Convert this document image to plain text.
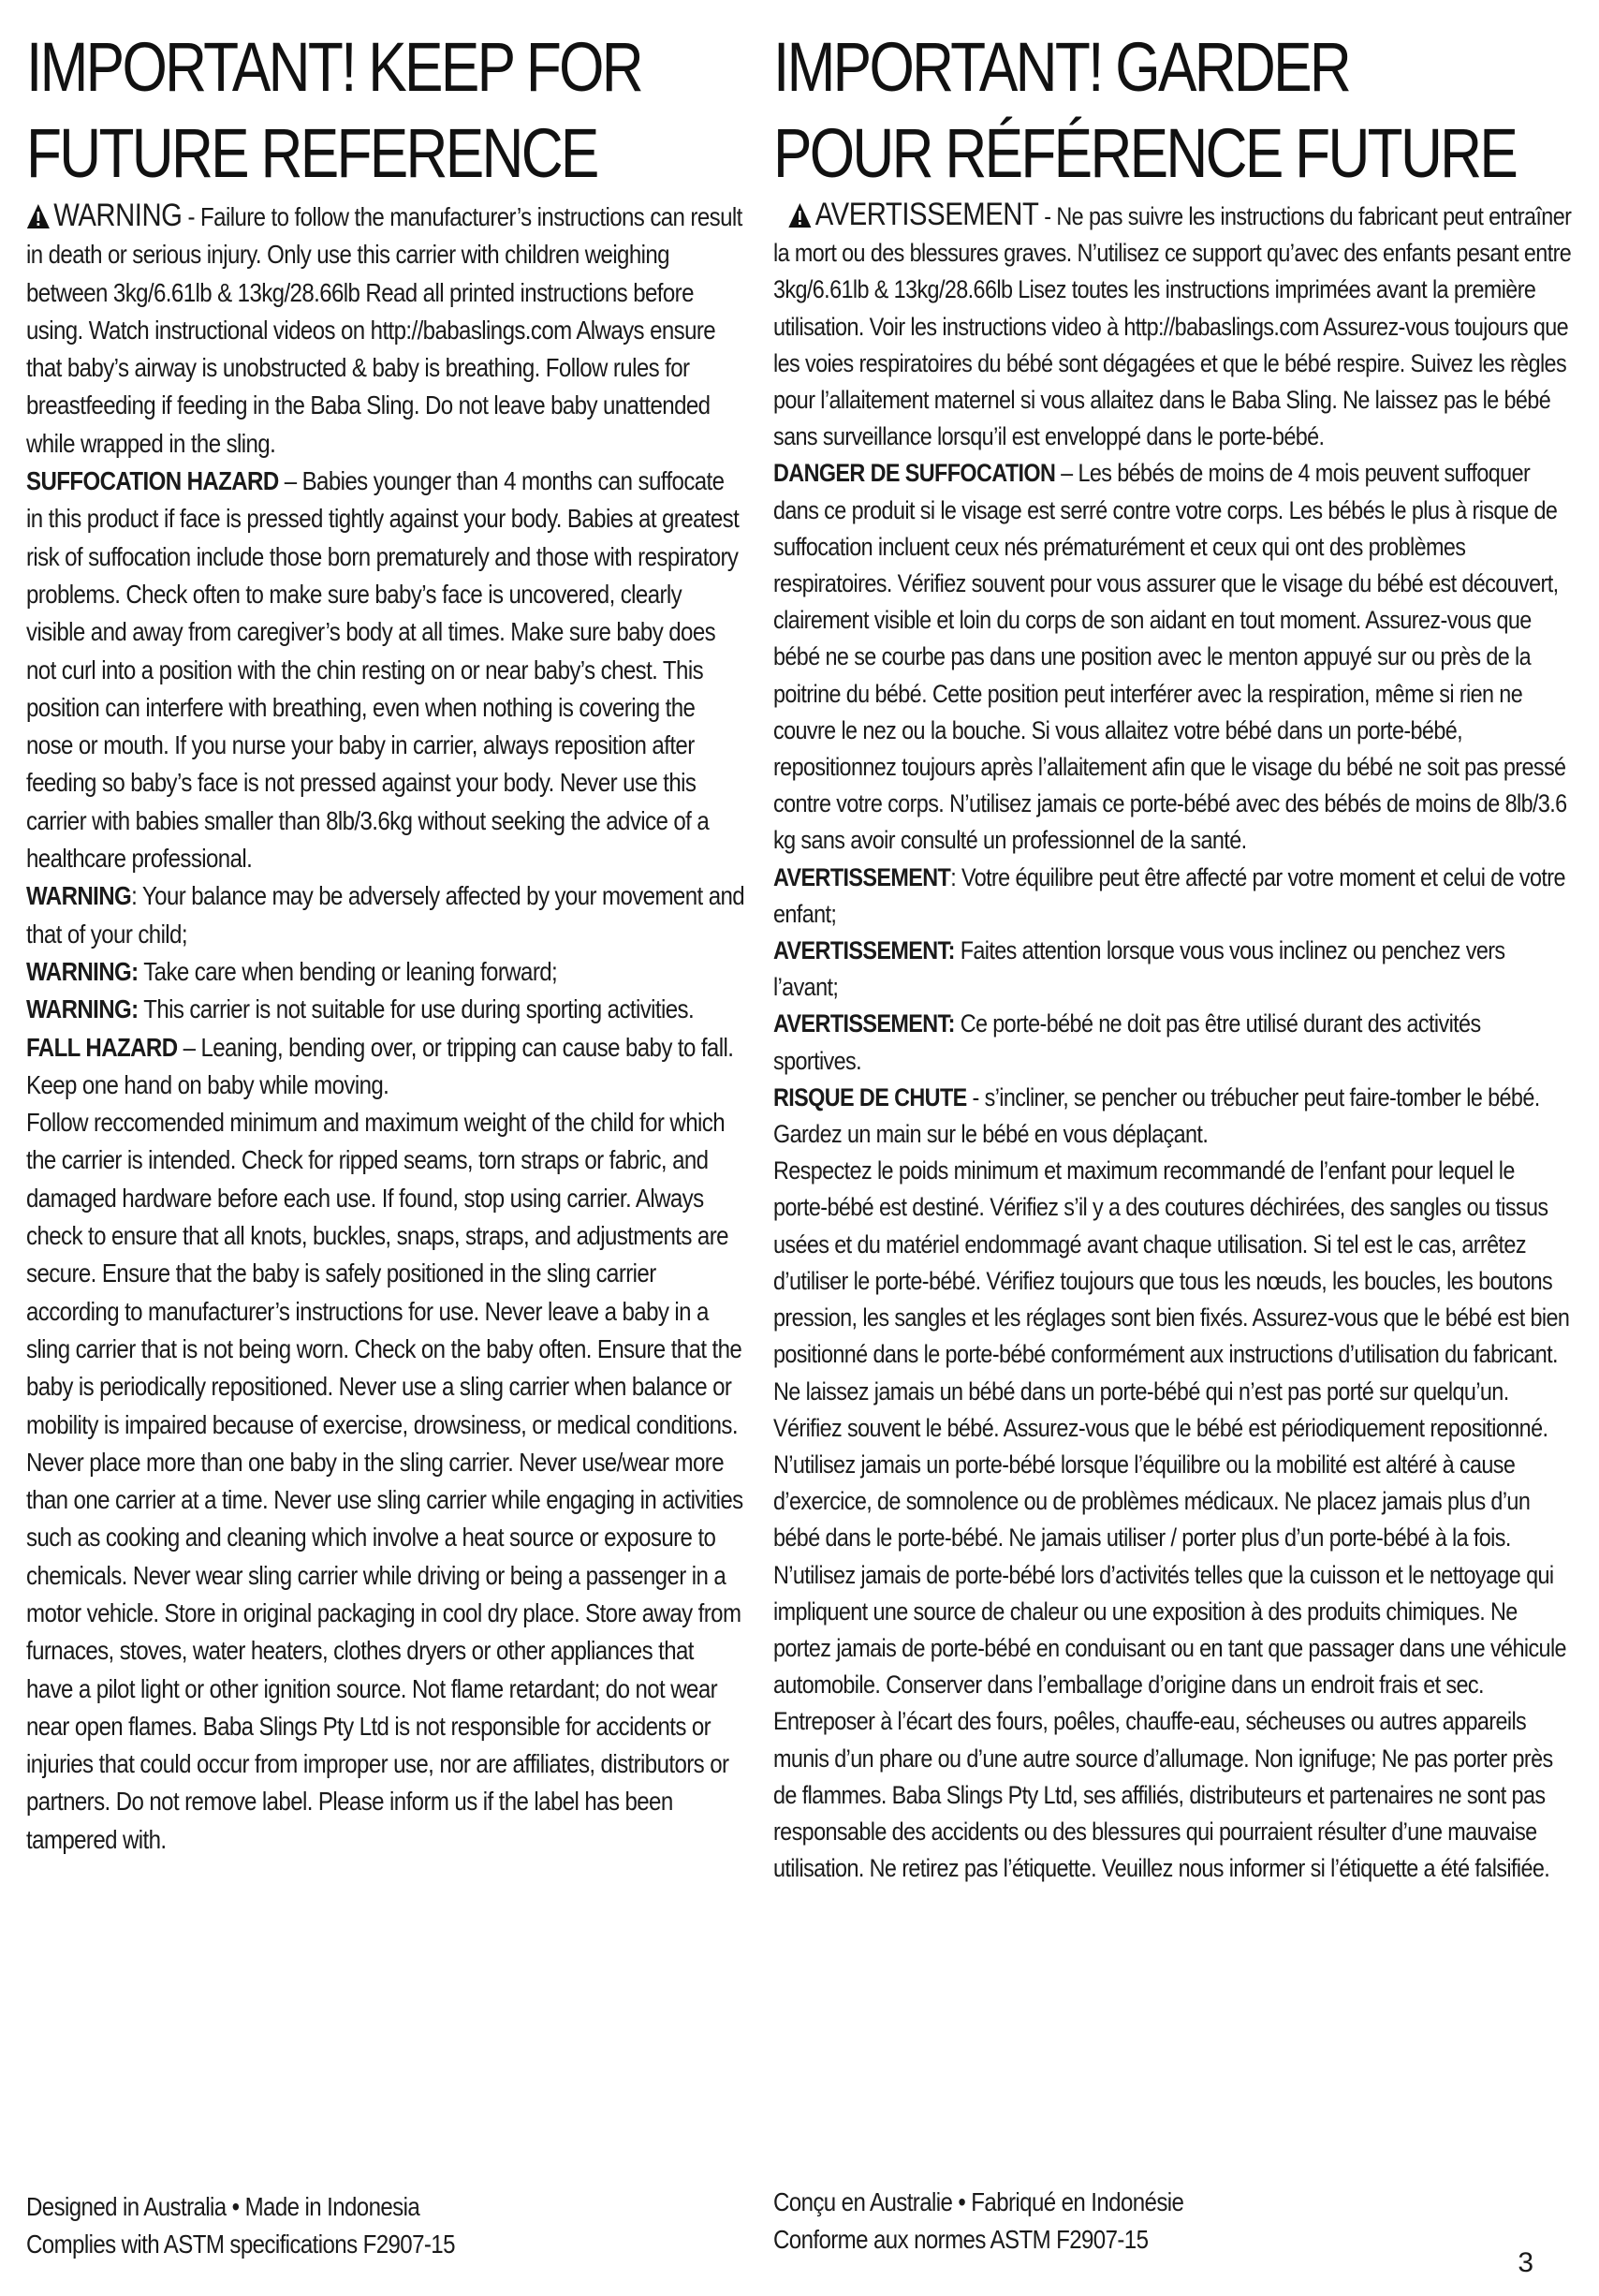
IMPORTANT! KEEP FOR
FUTURE REFERENCE

WARNING - Failure to follow the manufacturer’s instructions can result in death or serious injury. Only use this carrier with children weighing between 3kg/6.61lb & 13kg/28.66lb Read all printed instructions before using. Watch instructional videos on http://babaslings.com Always ensure that baby’s airway is unobstructed & baby is breathing. Follow rules for breastfeeding if feeding in the Baba Sling. Do not leave baby unattended while wrapped in the sling.

SUFFOCATION HAZARD – Babies younger than 4 months can suffocate in this product if face is pressed tightly against your body. Babies at greatest risk of suffocation include those born prematurely and those with respiratory problems. Check often to make sure baby’s face is uncovered, clearly visible and away from caregiver’s body at all times. Make sure baby does not curl into a position with the chin resting on or near baby’s chest. This position can interfere with breathing, even when nothing is covering the nose or mouth. If you nurse your baby in carrier, always reposition after feeding so baby’s face is not pressed against your body. Never use this carrier with babies smaller than 8lb/3.6kg without seeking the advice of a healthcare professional.

WARNING: Your balance may be adversely affected by your movement and that of your child;

WARNING: Take care when bending or leaning forward;

WARNING: This carrier is not suitable for use during sporting activities.

FALL HAZARD – Leaning, bending over, or tripping can cause baby to fall. Keep one hand on baby while moving.

Follow reccomended minimum and maximum weight of the child for which the carrier is intended. Check for ripped seams, torn straps or fabric, and damaged hardware before each use. If found, stop using carrier. Always check to ensure that all knots, buckles, snaps, straps, and adjustments are secure. Ensure that the baby is safely positioned in the sling carrier according to manufacturer’s instructions for use. Never leave a baby in a sling carrier that is not being worn. Check on the baby often. Ensure that the baby is periodically repositioned. Never use a sling carrier when balance or mobility is impaired because of exercise, drowsiness, or medical conditions. Never place more than one baby in the sling carrier. Never use/wear more than one carrier at a time. Never use sling carrier while engaging in activities such as cooking and cleaning which involve a heat source or exposure to chemicals. Never wear sling carrier while driving or being a passenger in a motor vehicle. Store in original packaging in cool dry place. Store away from furnaces, stoves, water heaters, clothes dryers or other appliances that have a pilot light or other ignition source. Not flame retardant; do not wear near open flames. Baba Slings Pty Ltd is not responsible for accidents or injuries that could occur from improper use, nor are affiliates, distributors or partners. Do not remove label. Please inform us if the label has been tampered with.

IMPORTANT! GARDER
POUR RÉFÉRENCE FUTURE

AVERTISSEMENT - Ne pas suivre les instructions du fabricant peut entraîner la mort ou des blessures graves. N’utilisez ce support qu’avec des enfants pesant entre 3kg/6.61lb & 13kg/28.66lb Lisez toutes les instructions imprimées avant la première utilisation. Voir les instructions video à http://babaslings.com Assurez-vous toujours que les voies respiratoires du bébé sont dégagées et que le bébé respire. Suivez les règles pour l’allaitement maternel si vous allaitez dans le Baba Sling. Ne laissez pas le bébé sans surveillance lorsqu’il est enveloppé dans le porte-bébé.

DANGER DE SUFFOCATION – Les bébés de moins de 4 mois peuvent suffoquer dans ce produit si le visage est serré contre votre corps. Les bébés le plus à risque de suffocation incluent ceux nés prématurément et ceux qui ont des problèmes respiratoires. Vérifiez souvent pour vous assurer que le visage du bébé est découvert, clairement visible et loin du corps de son aidant en tout moment. Assurez-vous que bébé ne se courbe pas dans une position avec le menton appuyé sur ou près de la poitrine du bébé. Cette position peut interférer avec la respiration, même si rien ne couvre le nez ou la bouche. Si vous allaitez votre bébé dans un porte-bébé, repositionnez toujours après l’allaitement afin que le visage du bébé ne soit pas pressé contre votre corps. N’utilisez jamais ce porte-bébé avec des bébés de moins de 8lb/3.6 kg sans avoir consulté un professionnel de la santé.

AVERTISSEMENT: Votre équilibre peut être affecté par votre moment et celui de votre enfant;

AVERTISSEMENT: Faites attention lorsque vous vous inclinez ou penchez vers l’avant;

AVERTISSEMENT: Ce porte-bébé ne doit pas être utilisé durant des activités sportives.

RISQUE DE CHUTE - s’incliner, se pencher ou trébucher peut faire-tomber le bébé. Gardez un main sur le bébé en vous déplaçant.

Respectez le poids minimum et maximum recommandé de l’enfant pour lequel le porte-bébé est destiné. Vérifiez s’il y a des coutures déchirées, des sangles ou tissus usées et du matériel endommagé avant chaque utilisation. Si tel est le cas, arrêtez d’utiliser le porte-bébé. Vérifiez toujours que tous les nœuds, les boucles, les boutons pression, les sangles et les réglages sont bien fixés. Assurez-vous que le bébé est bien positionné dans le porte-bébé conformément aux instructions d’utilisation du fabricant. Ne laissez jamais un bébé dans un porte-bébé qui n’est pas porté sur quelqu’un. Vérifiez souvent le bébé. Assurez-vous que le bébé est périodiquement repositionné. N’utilisez jamais un porte-bébé lorsque l’équilibre ou la mobilité est altéré à cause d’exercice, de somnolence ou de problèmes médicaux. Ne placez jamais plus d’un bébé dans le porte-bébé. Ne jamais utiliser / porter plus d’un porte-bébé à la fois. N’utilisez jamais de porte-bébé lors d’activités telles que la cuisson et le nettoyage qui impliquent une source de chaleur ou une exposition à des produits chimiques. Ne portez jamais de porte-bébé en conduisant ou en tant que passager dans une véhicule automobile. Conserver dans l’emballage d’origine dans un endroit frais et sec. Entreposer à l’écart des fours, poêles, chauffe-eau, sécheuses ou autres appareils munis d’un phare ou d’une autre source d’allumage. Non ignifuge; Ne pas porter près de flammes. Baba Slings Pty Ltd, ses affiliés, distributeurs et partenaires ne sont pas responsable des accidents ou des blessures qui pourraient résulter d’une mauvaise utilisation. Ne retirez pas l’étiquette. Veuillez nous informer si l’étiquette a été falsifiée.

Designed in Australia • Made in Indonesia

Complies with ASTM specifications F2907-15

Conçu en Australie • Fabriqué en Indonésie

Conforme aux normes ASTM F2907-15

3
